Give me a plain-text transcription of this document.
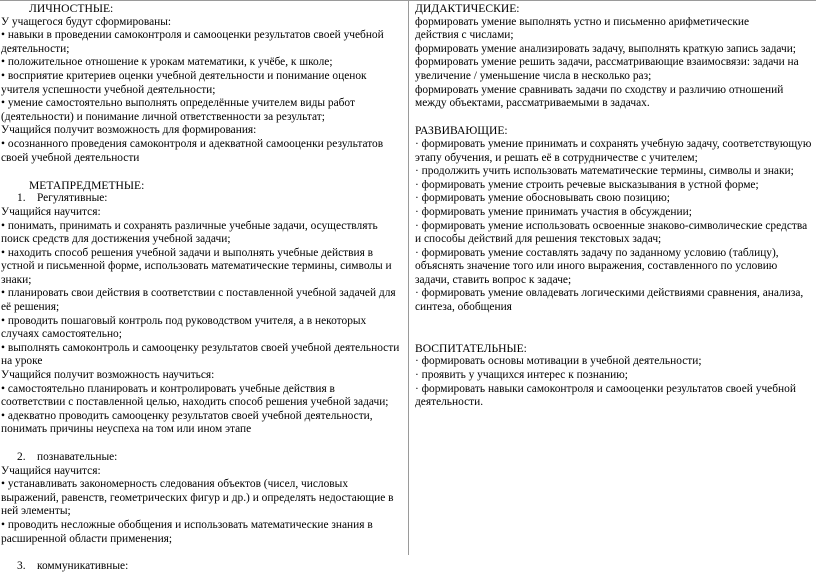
ЛИЧНОСТНЫЕ:
У учащегося будут сформированы:
• навыки в проведении самоконтроля и самооценки результатов своей учебной
деятельности;
• положительное отношение к урокам математики, к учёбе, к школе;
• восприятие критериев оценки учебной деятельности и понимание оценок
учителя успешности учебной деятельности;
• умение самостоятельно выполнять определённые учителем виды работ
(деятельности) и понимание личной ответственности за результат;
Учащийся получит возможность для формирования:
• осознанного проведения самоконтроля и адекватной самооценки результатов
своей учебной деятельности
МЕТАПРЕДМЕТНЫЕ:
1. Регулятивные:
Учащийся научится:
• понимать, принимать и сохранять различные учебные задачи, осуществлять
поиск средств для достижения учебной задачи;
• находить способ решения учебной задачи и выполнять учебные действия в
устной и письменной форме, использовать математические термины, символы и
знаки;
• планировать свои действия в соответствии с поставленной учебной задачей для
её решения;
• проводить пошаговый контроль под руководством учителя, а в некоторых
случаях самостоятельно;
• выполнять самоконтроль и самооценку результатов своей учебной деятельности
на уроке
Учащийся получит возможность научиться:
• самостоятельно планировать и контролировать учебные действия в
соответствии с поставленной целью, находить способ решения учебной задачи;
• адекватно проводить самооценку результатов своей учебной деятельности,
понимать причины неуспеха на том или ином этапе
2. познавательные:
Учащийся научится:
• устанавливать закономерность следования объектов (чисел, числовых
выражений, равенств, геометрических фигур и др.) и определять недостающие в
ней элементы;
• проводить несложные обобщения и использовать математические знания в
расширенной области применения;
3. коммуникативные:
ДИДАКТИЧЕСКИЕ:
формировать умение выполнять устно и письменно арифметические
действия с числами;
формировать умение анализировать задачу, выполнять краткую запись задачи;
формировать умение решить задачи, рассматривающие взаимосвязи: задачи на
увеличение / уменьшение числа в несколько раз;
формировать умение сравнивать задачи по сходству и различию отношений
между объектами, рассматриваемыми в задачах.
РАЗВИВАЮЩИЕ:
· формировать умение принимать и сохранять учебную задачу, соответствующую
этапу обучения, и решать её в сотрудничестве с учителем;
· продолжить учить использовать математические термины, символы и знаки;
· формировать умение строить речевые высказывания в устной форме;
· формировать умение обосновывать свою позицию;
· формировать умение принимать участия в обсуждении;
· формировать умение использовать освоенные знаково-символические средства
и способы действий для решения текстовых задач;
· формировать умение составлять задачу по заданному условию (таблицу),
объяснять значение того или иного выражения, составленного по условию
задачи, ставить вопрос к задаче;
· формировать умение овладевать логическими действиями сравнения, анализа,
синтеза, обобщения
ВОСПИТАТЕЛЬНЫЕ:
· формировать основы мотивации в учебной деятельности;
· проявить у учащихся интерес к познанию;
· формировать навыки самоконтроля и самооценки результатов своей учебной
деятельности.
